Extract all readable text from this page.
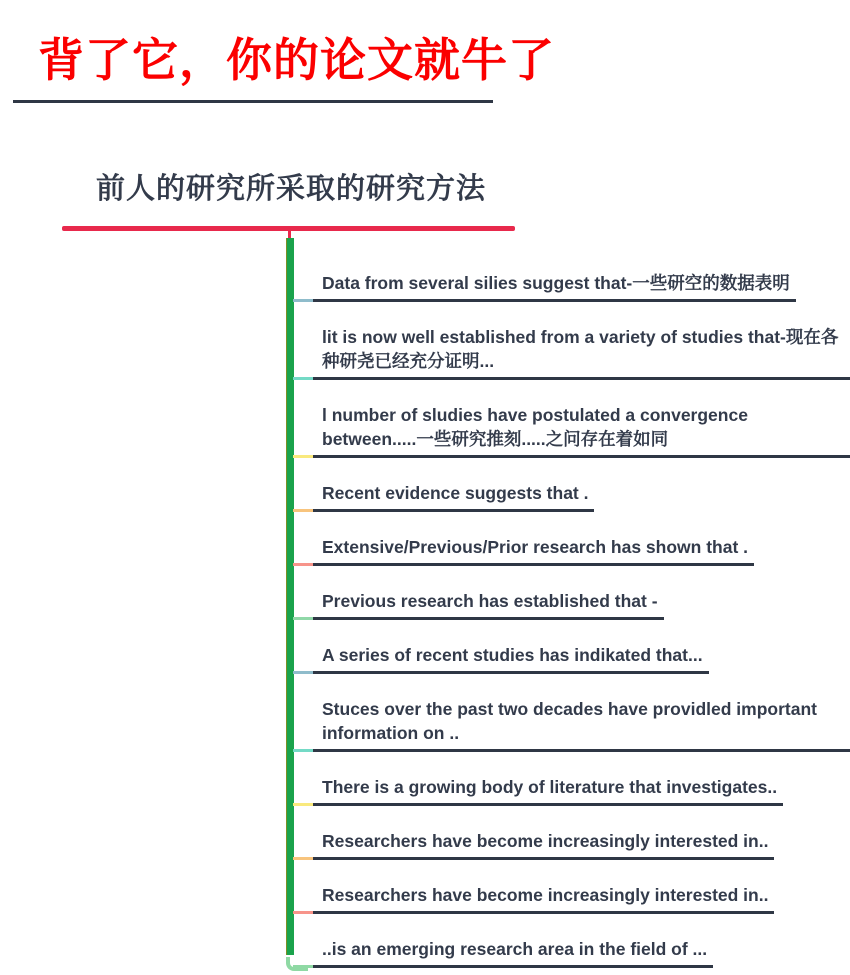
背了它，你的论文就牛了
前人的研究所采取的研究方法
Data from several silies suggest that-一些研空的数据表明
lit is now well established from a variety of studies that-现在各种研尧已经充分证明...
l number of sludies have postulated a convergence between.....一些研究推刻.....之问存在着如同
Recent evidence suggests that .
Extensive/Previous/Prior research has shown that .
Previous research has established that -
A series of recent studies has indikated that...
Stuces over the past two decades have providled important information on ..
There is a growing body of literature that investigates..
Researchers have become increasingly interested in..
Researchers have become increasingly interested in..
..is an emerging research area in the field of ...
